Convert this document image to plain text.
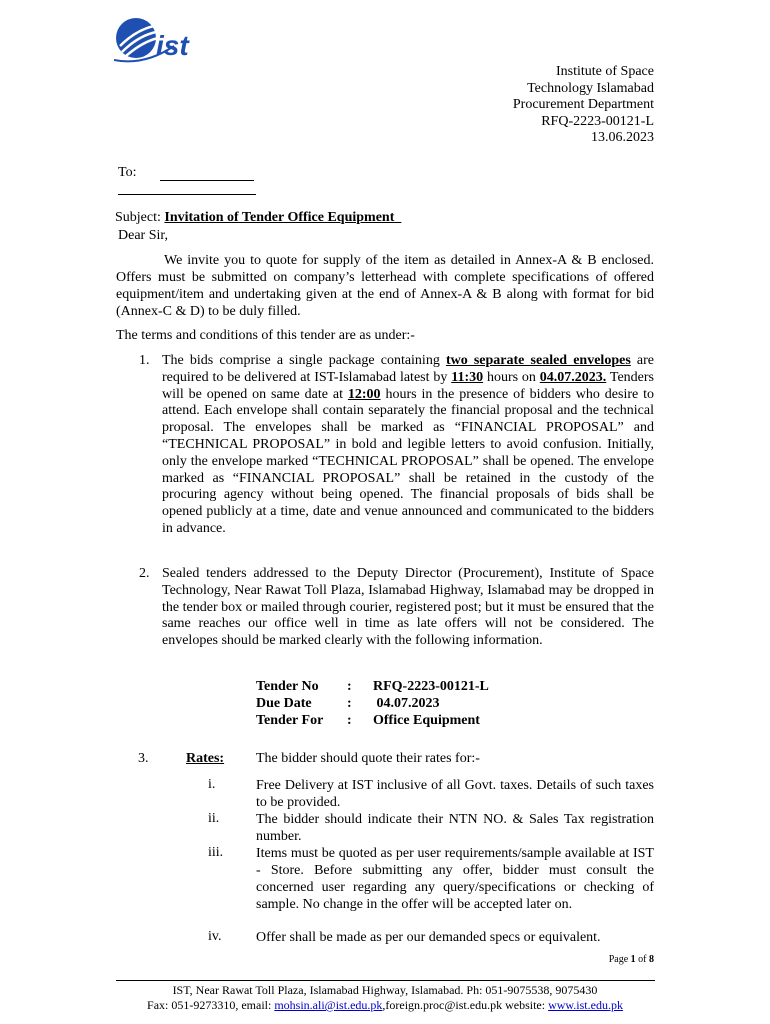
ist
Institute of Space
Technology Islamabad
Procurement Department
RFQ-2223-00121-L
13.06.2023
To:
Subject: Invitation of Tender Office Equipment
Dear Sir,
We invite you to quote for supply of the item as detailed in Annex-A & B enclosed. Offers must be submitted on company’s letterhead with complete specifications of offered equipment/item and undertaking given at the end of Annex-A & B along with format for bid (Annex-C & D) to be duly filled.
The terms and conditions of this tender are as under:-
1. The bids comprise a single package containing two separate sealed envelopes are required to be delivered at IST-Islamabad latest by 11:30 hours on 04.07.2023. Tenders will be opened on same date at 12:00 hours in the presence of bidders who desire to attend. Each envelope shall contain separately the financial proposal and the technical proposal. The envelopes shall be marked as “FINANCIAL PROPOSAL” and “TECHNICAL PROPOSAL” in bold and legible letters to avoid confusion. Initially, only the envelope marked “TECHNICAL PROPOSAL” shall be opened. The envelope marked as “FINANCIAL PROPOSAL” shall be retained in the custody of the procuring agency without being opened. The financial proposals of bids shall be opened publicly at a time, date and venue announced and communicated to the bidders in advance.
2. Sealed tenders addressed to the Deputy Director (Procurement), Institute of Space Technology, Near Rawat Toll Plaza, Islamabad Highway, Islamabad may be dropped in the tender box or mailed through courier, registered post; but it must be ensured that the same reaches our office well in time as late offers will not be considered. The envelopes should be marked clearly with the following information.
Tender No	:	RFQ-2223-00121-L
Due Date	:	04.07.2023
Tender For	:	Office Equipment
3.	Rates: The bidder should quote their rates for:-
i.	Free Delivery at IST inclusive of all Govt. taxes. Details of such taxes to be provided.
ii.	The bidder should indicate their NTN NO. & Sales Tax registration number.
iii. Items must be quoted as per user requirements/sample available at IST - Store. Before submitting any offer, bidder must consult the concerned user regarding any query/specifications or checking of sample. No change in the offer will be accepted later on.
iv. Offer shall be made as per our demanded specs or equivalent.
Page 1 of 8
IST, Near Rawat Toll Plaza, Islamabad Highway, Islamabad. Ph: 051-9075538, 9075430
Fax: 051-9273310, email: mohsin.ali@ist.edu.pk,foreign.proc@ist.edu.pk website: www.ist.edu.pk
